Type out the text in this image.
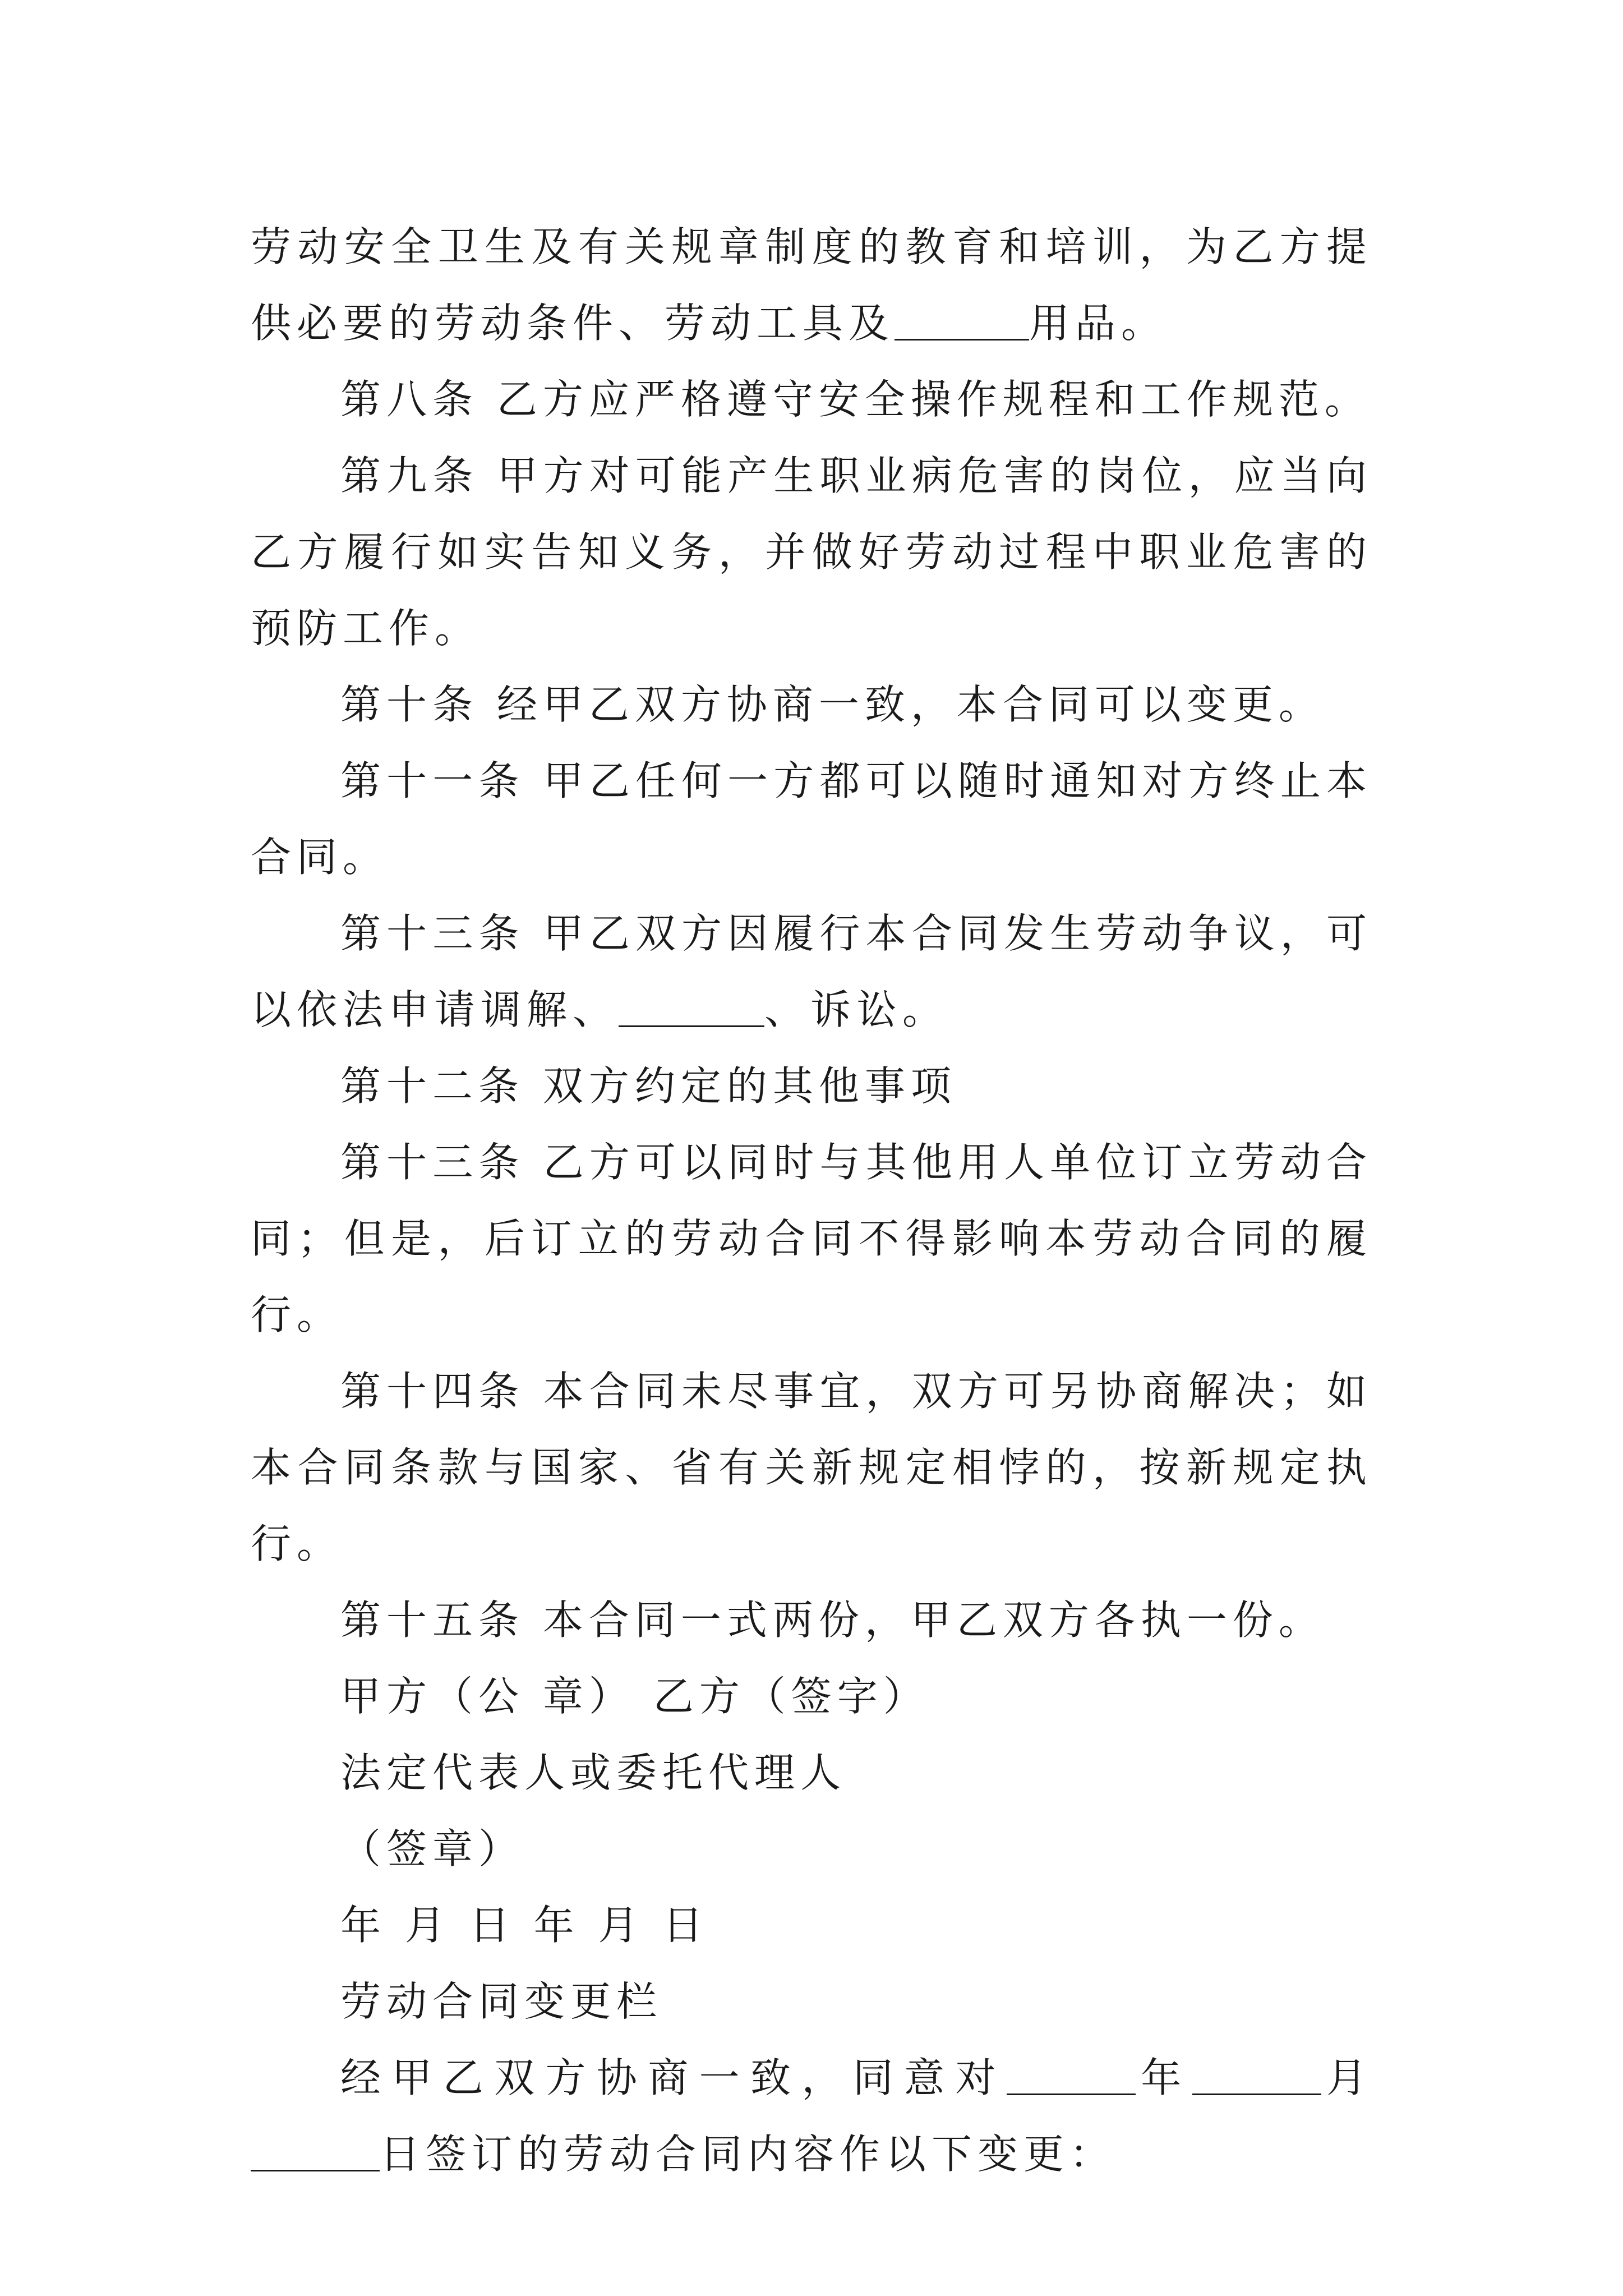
劳动安全卫生及有关规章制度的教育和培训，为乙方提供必要的劳动条件、劳动工具及	用品。

第八条 乙方应严格遵守安全操作规程和工作规范。

第九条 甲方对可能产生职业病危害的岗位，应当向乙方履行如实告知义务，并做好劳动过程中职业危害的预防工作。

第十条 经甲乙双方协商一致，本合同可以变更。

第十一条 甲乙任何一方都可以随时通知对方终止本合同。

第十三条 甲乙双方因履行本合同发生劳动争议，可以依法申请调解、	、诉讼。

第十二条 双方约定的其他事项

第十三条 乙方可以同时与其他用人单位订立劳动合同；但是，后订立的劳动合同不得影响本劳动合同的履行。

第十四条 本合同未尽事宜，双方可另协商解决；如本合同条款与国家、省有关新规定相悖的，按新规定执行。

第十五条 本合同一式两份，甲乙双方各执一份。

甲方（公 章） 乙方（签字）

法定代表人或委托代理人

（签章）

年 月 日 年 月 日

劳动合同变更栏

经甲乙双方协商一致，同意对	年	月日签订的劳动合同内容作以下变更：
